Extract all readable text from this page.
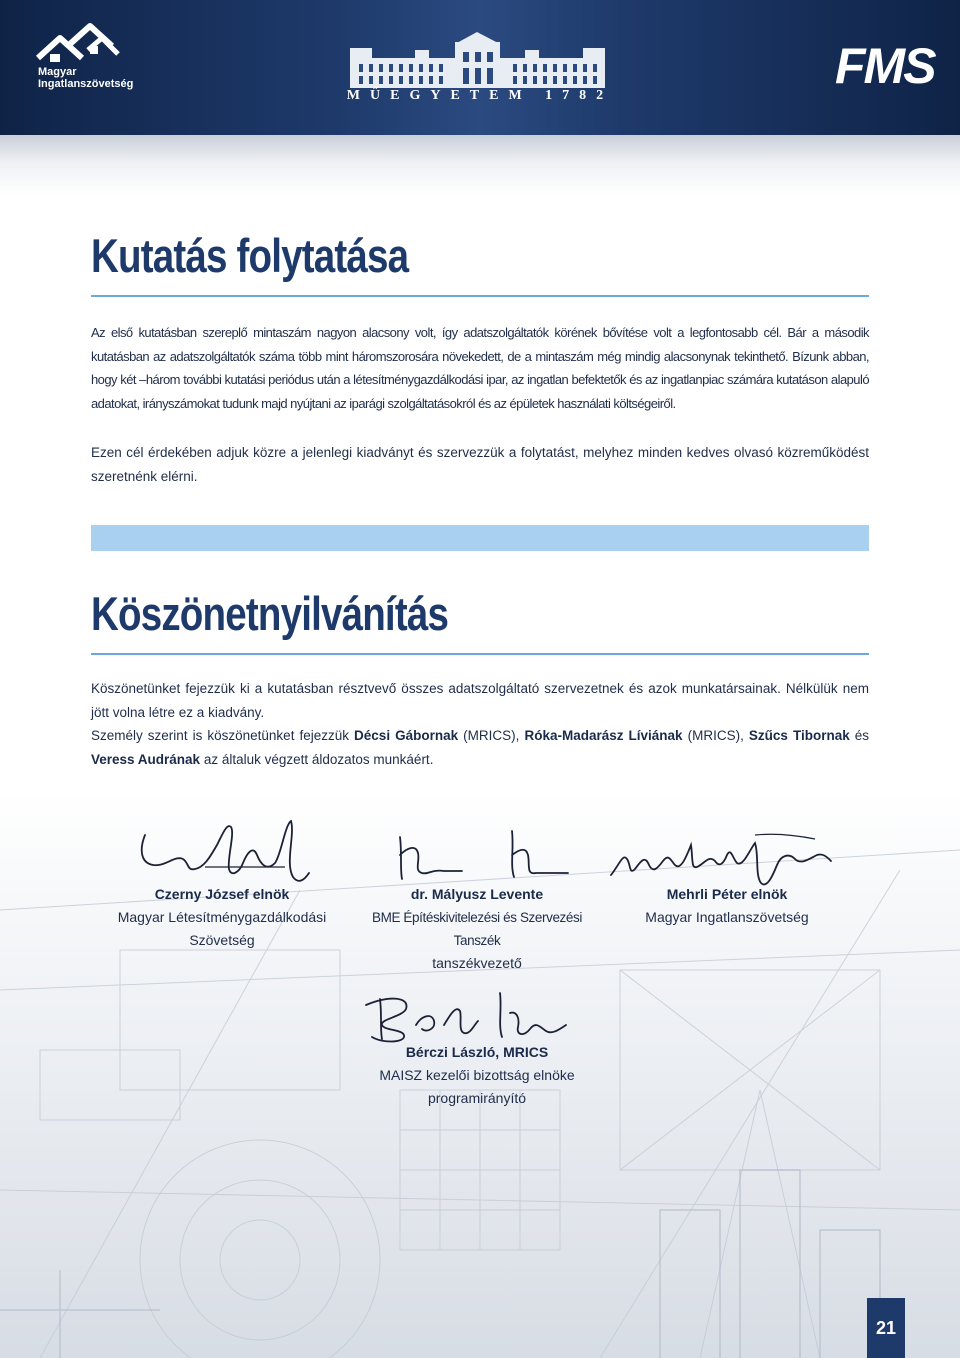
Magyar
Ingatlanszövetség
MŰEGYETEM 1782
FMS
Kutatás folytatása

Az első kutatásban szereplő mintaszám nagyon alacsony volt, így adatszolgáltatók körének bővítése volt a legfontosabb cél. Bár a második kutatásban az adatszolgáltatók száma több mint háromszorosára növekedett, de a mintaszám még mindig alacsonynak tekinthető. Bízunk abban, hogy két –három további kutatási periódus után a létesítménygazdálkodási ipar, az ingatlan befektetők és az ingatlanpiac számára kutatáson alapuló adatokat, irányszámokat tudunk majd nyújtani az iparági szolgáltatásokról és az épületek használati költségeiről.

Ezen cél érdekében adjuk közre a jelenlegi kiadványt és szervezzük a folytatást, melyhez minden kedves olvasó közreműködést szeretnénk elérni.

Köszönetnyilvánítás

Köszönetünket fejezzük ki a kutatásban résztvevő összes adatszolgáltató szervezetnek és azok munkatársainak. Nélkülük nem jött volna létre ez a kiadvány.

Személy szerint is köszönetünket fejezzük Décsi Gábornak (MRICS), Róka-Madarász Líviának (MRICS), Szűcs Tibornak és Veress Audrának az általuk végzett áldozatos munkáért.

Czerny József elnök
Magyar Létesítménygazdálkodási
Szövetség
dr. Mályusz Levente
BME Építéskivitelezési és Szervezési Tanszék
tanszékvezető
Mehrli Péter elnök
Magyar Ingatlanszövetség
Bérczi László, MRICS
MAISZ kezelői bizottság elnöke
programirányító
21
